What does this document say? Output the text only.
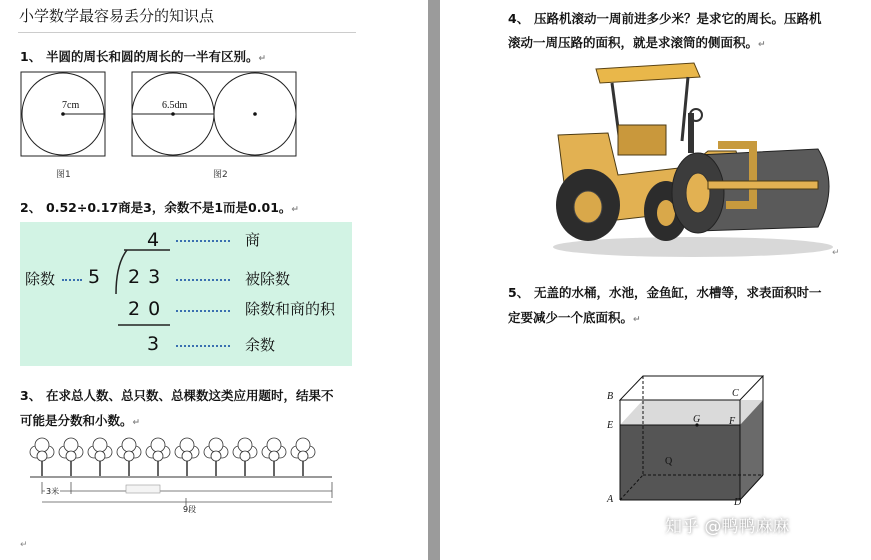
小学数学最容易丢分的知识点
1、 半圆的周长和圆的周长的一半有区别。↵
7cm	6.5dm
图1	图2
2、 0.52÷0.17商是3，余数不是1而是0.01。↵
4	商
除数 5 2 3	被除数
2 0	除数和商的积
3	余数
3、 在求总人数、总只数、总棵数这类应用题时，结果不
可能是分数和小数。↵
3米
9段
↵
4、 压路机滚动一周前进多少米？是求它的周长。压路机
滚动一周压路的面积，就是求滚筒的侧面积。↵
↵
5、 无盖的水桶，水池，金鱼缸，水槽等，求表面积时一
定要减少一个底面积。↵
B	C
E
G	F
Q
A	D
知乎 @鸭鸭麻麻
